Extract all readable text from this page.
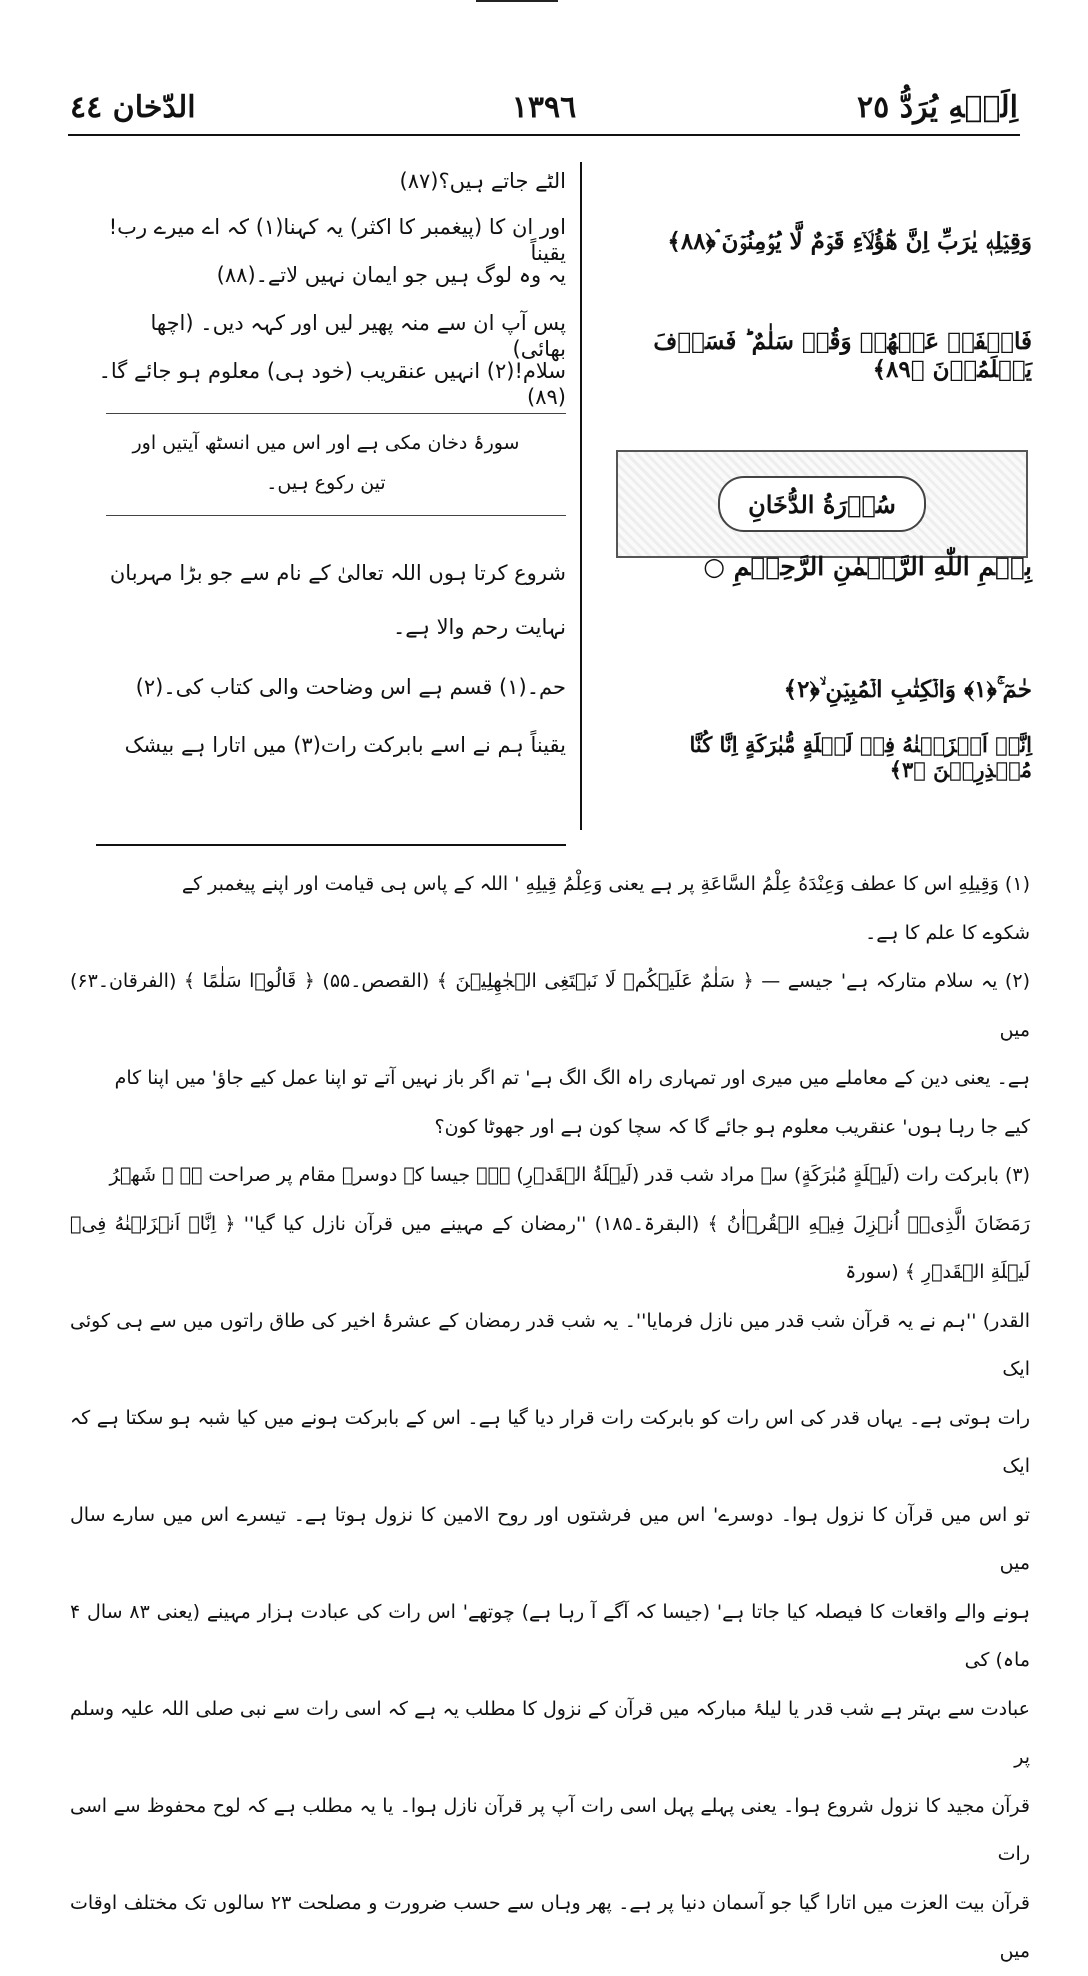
اِلَيۡهِ يُرَدُّ ٢٥
١٣٩٦
الدّخان ٤٤
وَقِيۡلِهٖ يٰرَبِّ اِنَّ هٰٓؤُلَاۤءِ قَوۡمٌ لَّا يُؤۡمِنُوۡنَ ۘ﴿۸۸﴾
فَاصۡفَحۡ عَنۡهُمۡ وَقُلۡ سَلٰمٌ ؕ فَسَوۡفَ يَعۡلَمُوۡنَ ﴿۸۹﴾
سُوۡرَةُ الدُّخَانِ
بِسۡمِ اللّٰهِ الرَّحۡمٰنِ الرَّحِيۡمِ ○
حٰمٓ ۚ﴿۱﴾ وَالۡكِتٰبِ الۡمُبِيۡنِ ۙ﴿۲﴾
اِنَّاۤ اَنۡزَلۡنٰهُ فِىۡ لَيۡلَةٍ مُّبٰرَكَةٍ اِنَّا كُنَّا مُنۡذِرِيۡنَ ﴿۳﴾
الٹے جاتے ہیں؟(۸۷)
اور ان کا (پیغمبر کا اکثر) یہ کہنا(۱) کہ اے میرے رب! یقیناً
یہ وہ لوگ ہیں جو ایمان نہیں لاتے۔(۸۸)
پس آپ ان سے منہ پھیر لیں اور کہہ دیں۔ (اچھا بھائی)
سلام!(۲) انہیں عنقریب (خود ہی) معلوم ہو جائے گا۔(۸۹)
سورۂ دخان مکی ہے اور اس میں انسٹھ آیتیں اور
تین رکوع ہیں۔
شروع کرتا ہوں اللہ تعالیٰ کے نام سے جو بڑا مہربان
نہایت رحم والا ہے۔
حم۔(۱) قسم ہے اس وضاحت والی کتاب کی۔(۲)
یقیناً ہم نے اسے بابرکت رات(۳) میں اتارا ہے بیشک

(۱) وَقِيلِهِ اس کا عطف وَعِنْدَهُ عِلْمُ السَّاعَةِ پر ہے یعنی وَعِلْمُ قِيلِهِ ' اللہ کے پاس ہی قیامت اور اپنے پیغمبر کے

شکوے کا علم کا ہے۔

(۲) یہ سلام متارکہ ہے' جیسے — ﴿ سَلٰمٌ عَلَيۡكُمۡ لَا نَبۡتَغِى الۡجٰهِلِيۡنَ ﴾ (القصص۔۵۵) ﴿ قَالُوۡا سَلٰمًا ﴾ (الفرقان۔۶۳) میں

ہے۔ یعنی دین کے معاملے میں میری اور تمہاری راہ الگ الگ ہے' تم اگر باز نہیں آتے تو اپنا عمل کیے جاؤ' میں اپنا کام

کیے جا رہا ہوں' عنقریب معلوم ہو جائے گا کہ سچا کون ہے اور جھوٹا کون؟

(۳) بابرکت رات (لَيۡلَةٍ مُبٰرَكَةٍ) سے مراد شب قدر (لَيۡلَةُ الۡقَدۡرِ) ہے۔ جیسا کہ دوسرے مقام پر صراحت ہے ﴿ شَهۡرُ

رَمَضَانَ الَّذِىۡۤ اُنۡزِلَ فِيۡهِ الۡقُرۡاٰنُ ﴾ (البقرۃ۔۱۸۵) ''رمضان کے مہینے میں قرآن نازل کیا گیا'' ﴿ اِنَّاۤ اَنۡزَلۡنٰهُ فِىۡ لَيۡلَةِ الۡقَدۡرِ ﴾ (سورۃ

القدر) ''ہم نے یہ قرآن شب قدر میں نازل فرمایا''۔ یہ شب قدر رمضان کے عشرۂ اخیر کی طاق راتوں میں سے ہی کوئی ایک

رات ہوتی ہے۔ یہاں قدر کی اس رات کو بابرکت رات قرار دیا گیا ہے۔ اس کے بابرکت ہونے میں کیا شبہ ہو سکتا ہے کہ ایک

تو اس میں قرآن کا نزول ہوا۔ دوسرے' اس میں فرشتوں اور روح الامین کا نزول ہوتا ہے۔ تیسرے اس میں سارے سال میں

ہونے والے واقعات کا فیصلہ کیا جاتا ہے' (جیسا کہ آگے آ رہا ہے) چوتھے' اس رات کی عبادت ہزار مہینے (یعنی ۸۳ سال ۴ ماہ) کی

عبادت سے بہتر ہے شب قدر یا لیلۂ مبارکہ میں قرآن کے نزول کا مطلب یہ ہے کہ اسی رات سے نبی صلی اللہ علیہ وسلم پر

قرآن مجید کا نزول شروع ہوا۔ یعنی پہلے پہل اسی رات آپ پر قرآن نازل ہوا۔ یا یہ مطلب ہے کہ لوح محفوظ سے اسی رات

قرآن بیت العزت میں اتارا گیا جو آسمان دنیا پر ہے۔ پھر وہاں سے حسب ضرورت و مصلحت ۲۳ سالوں تک مختلف اوقات میں
